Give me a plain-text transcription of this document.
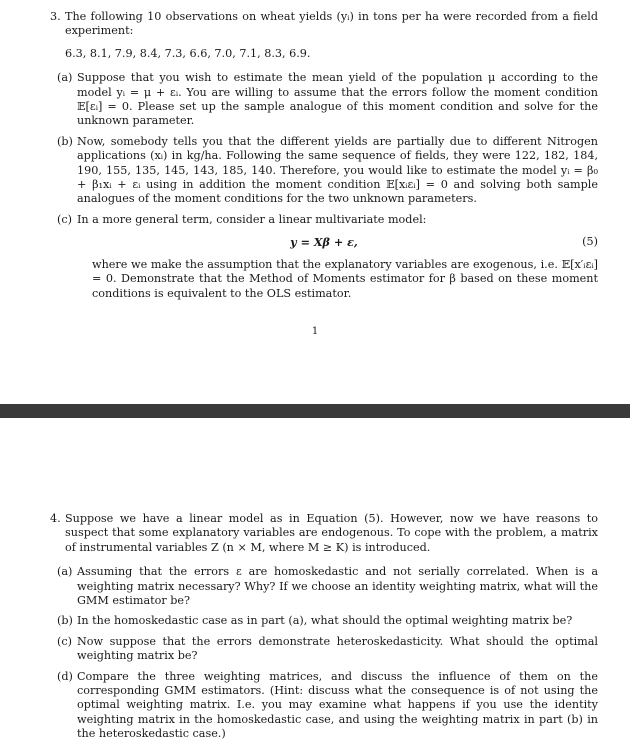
3. The following 10 observations on wheat yields (yᵢ) in tons per ha were recorded from a field experiment:
6.3, 8.1, 7.9, 8.4, 7.3, 6.6, 7.0, 7.1, 8.3, 6.9.
(a) Suppose that you wish to estimate the mean yield of the population μ according to the model yᵢ = μ + εᵢ. You are willing to assume that the errors follow the moment condition 𝔼[εᵢ] = 0. Please set up the sample analogue of this moment condition and solve for the unknown parameter.
(b) Now, somebody tells you that the different yields are partially due to different Nitrogen applications (xᵢ) in kg/ha. Following the same sequence of fields, they were 122, 182, 184, 190, 155, 135, 145, 143, 185, 140. Therefore, you would like to estimate the model yᵢ = β₀ + β₁xᵢ + εᵢ using in addition the moment condition 𝔼[xᵢεᵢ] = 0 and solving both sample analogues of the moment conditions for the two unknown parameters.
(c) In a more general term, consider a linear multivariate model:
y = Xβ + ε,	(5)
where we make the assumption that the explanatory variables are exogenous, i.e. 𝔼[x′ᵢεᵢ] = 0. Demonstrate that the Method of Moments estimator for β based on these moment conditions is equivalent to the OLS estimator.
1
4. Suppose we have a linear model as in Equation (5). However, now we have reasons to suspect that some explanatory variables are endogenous. To cope with the problem, a matrix of instrumental variables Z (n × M, where M ≥ K) is introduced.
(a) Assuming that the errors ε are homoskedastic and not serially correlated. When is a weighting matrix necessary? Why? If we choose an identity weighting matrix, what will the GMM estimator be?
(b) In the homoskedastic case as in part (a), what should the optimal weighting matrix be?
(c) Now suppose that the errors demonstrate heteroskedasticity. What should the optimal weighting matrix be?
(d) Compare the three weighting matrices, and discuss the influence of them on the corresponding GMM estimators. (Hint: discuss what the consequence is of not using the optimal weighting matrix. I.e. you may examine what happens if you use the identity weighting matrix in the homoskedastic case, and using the weighting matrix in part (b) in the heteroskedastic case.)
